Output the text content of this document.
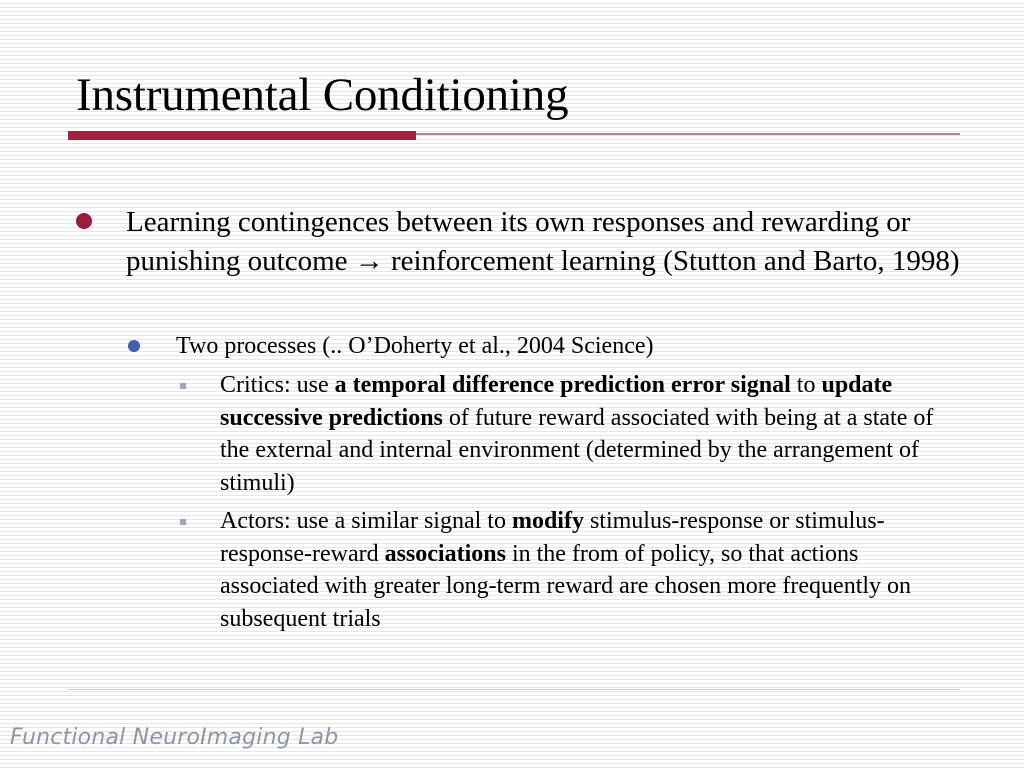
Instrumental Conditioning
Learning contingences between its own responses and rewarding or punishing outcome → reinforcement learning (Stutton and Barto, 1998)
Two processes (.. O’Doherty et al., 2004 Science)
Critics: use a temporal difference prediction error signal to update successive predictions of future reward associated with being at a state of the external and internal environment (determined by the arrangement of stimuli)
Actors: use a similar signal to modify stimulus-response or stimulus-response-reward associations in the from of policy, so that actions associated with greater long-term reward are chosen more frequently on subsequent trials

Functional NeuroImaging Lab
